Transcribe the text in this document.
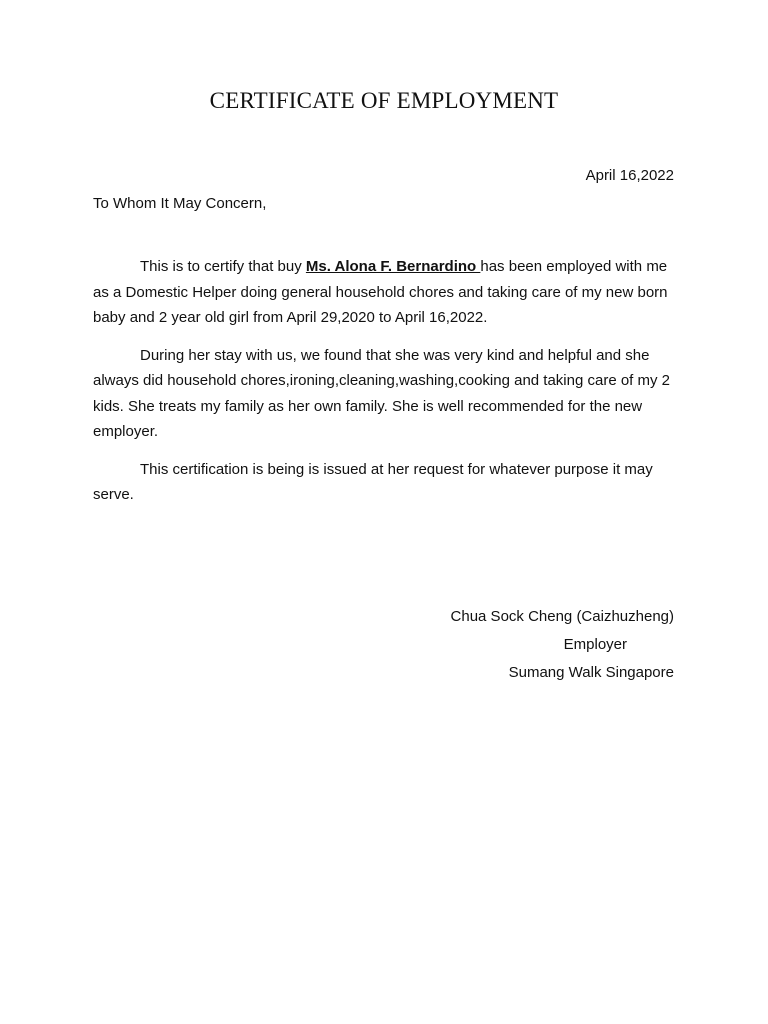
CERTIFICATE OF EMPLOYMENT

April 16,2022

To Whom It May Concern,

This is to certify that buy Ms. Alona F. Bernardino has been employed with me as a Domestic Helper doing general household chores and taking care of my new born baby and 2 year old girl from April 29,2020 to April 16,2022.

During her stay with us, we found that she was very kind and helpful and she always did household chores,ironing,cleaning,washing,cooking and taking care of my 2 kids. She treats my family as her own family. She is well recommended for the new employer.

This certification is being is issued at her request for whatever purpose it may serve.

Chua Sock Cheng (Caizhuzheng)
Employer
Sumang Walk Singapore
